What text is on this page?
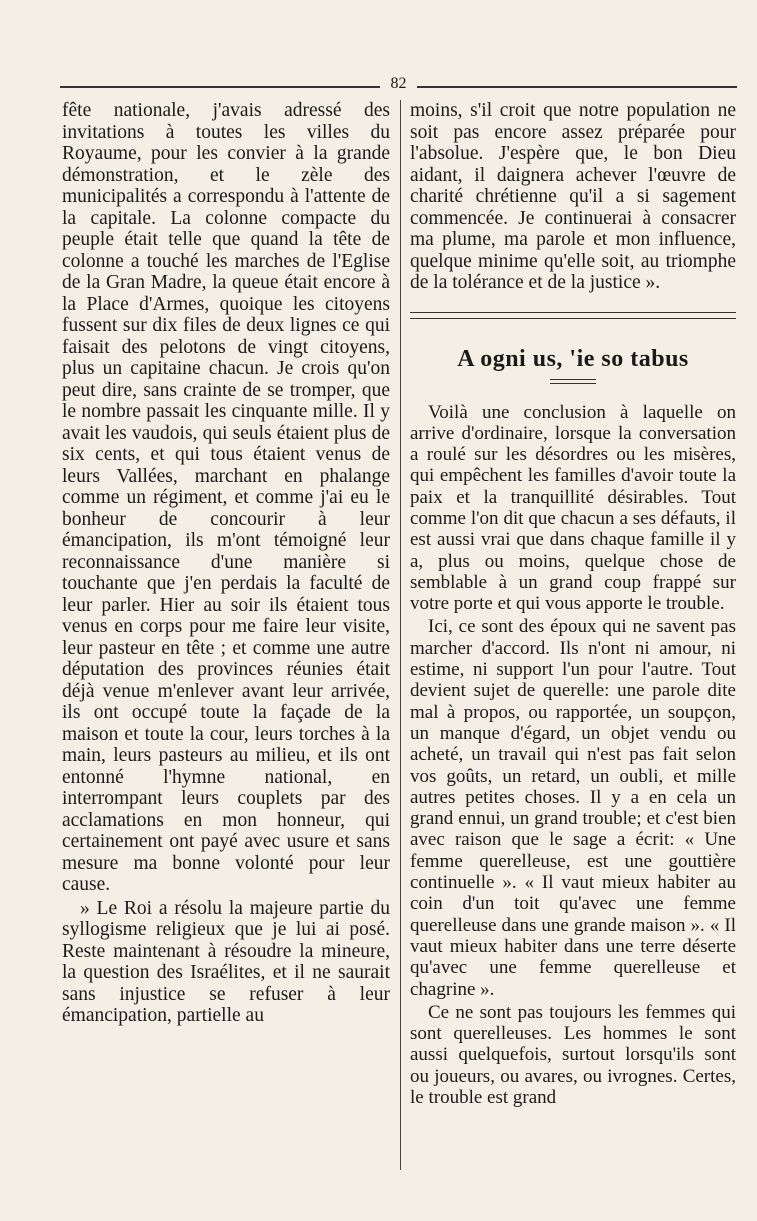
82

fête nationale, j'avais adressé des invitations à toutes les villes du Royaume, pour les convier à la grande démonstration, et le zèle des municipalités a correspondu à l'attente de la capitale. La colonne compacte du peuple était telle que quand la tête de colonne a touché les marches de l'Eglise de la Gran Madre, la queue était encore à la Place d'Armes, quoique les citoyens fussent sur dix files de deux lignes ce qui faisait des pelotons de vingt citoyens, plus un capitaine chacun. Je crois qu'on peut dire, sans crainte de se tromper, que le nombre passait les cinquante mille. Il y avait les vaudois, qui seuls étaient plus de six cents, et qui tous étaient venus de leurs Vallées, marchant en phalange comme un régiment, et comme j'ai eu le bonheur de concourir à leur émancipation, ils m'ont témoigné leur reconnaissance d'une manière si touchante que j'en perdais la faculté de leur parler. Hier au soir ils étaient tous venus en corps pour me faire leur visite, leur pasteur en tête ; et comme une autre députation des provinces réunies était déjà venue m'enlever avant leur arrivée, ils ont occupé toute la façade de la maison et toute la cour, leurs torches à la main, leurs pasteurs au milieu, et ils ont entonné l'hymne national, en interrompant leurs couplets par des acclamations en mon honneur, qui certainement ont payé avec usure et sans mesure ma bonne volonté pour leur cause.

» Le Roi a résolu la majeure partie du syllogisme religieux que je lui ai posé. Reste maintenant à résoudre la mineure, la question des Israélites, et il ne saurait sans injustice se refuser à leur émancipation, partielle au

moins, s'il croit que notre population ne soit pas encore assez préparée pour l'absolue. J'espère que, le bon Dieu aidant, il daignera achever l'œuvre de charité chrétienne qu'il a si sagement commencée. Je continuerai à consacrer ma plume, ma parole et mon influence, quelque minime qu'elle soit, au triomphe de la tolérance et de la justice ».

A ogni us, 'ie so tabus

Voilà une conclusion à laquelle on arrive d'ordinaire, lorsque la conversation a roulé sur les désordres ou les misères, qui empêchent les familles d'avoir toute la paix et la tranquillité désirables. Tout comme l'on dit que chacun a ses défauts, il est aussi vrai que dans chaque famille il y a, plus ou moins, quelque chose de semblable à un grand coup frappé sur votre porte et qui vous apporte le trouble.

Ici, ce sont des époux qui ne savent pas marcher d'accord. Ils n'ont ni amour, ni estime, ni support l'un pour l'autre. Tout devient sujet de querelle: une parole dite mal à propos, ou rapportée, un soupçon, un manque d'égard, un objet vendu ou acheté, un travail qui n'est pas fait selon vos goûts, un retard, un oubli, et mille autres petites choses. Il y a en cela un grand ennui, un grand trouble; et c'est bien avec raison que le sage a écrit: « Une femme querelleuse, est une gouttière continuelle ». « Il vaut mieux habiter au coin d'un toit qu'avec une femme querelleuse dans une grande maison ». « Il vaut mieux habiter dans une terre déserte qu'avec une femme querelleuse et chagrine ».

Ce ne sont pas toujours les femmes qui sont querelleuses. Les hommes le sont aussi quelquefois, surtout lorsqu'ils sont ou joueurs, ou avares, ou ivrognes. Certes, le trouble est grand
